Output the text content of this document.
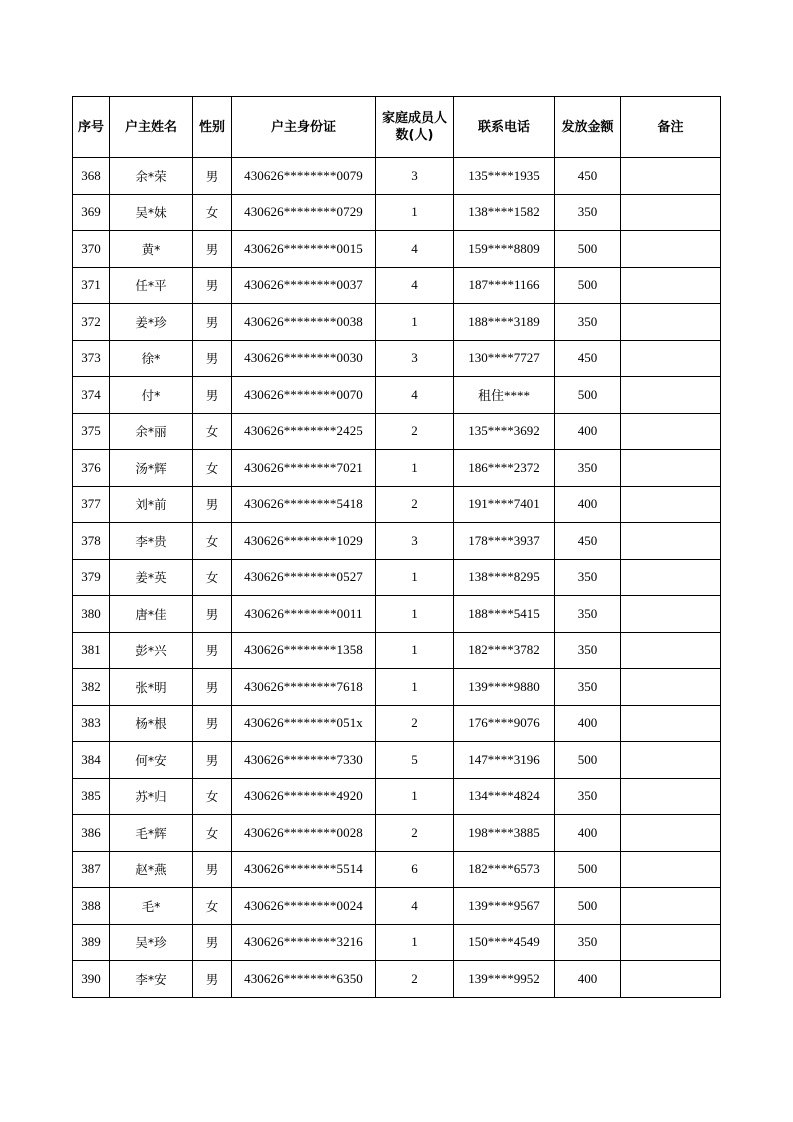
序号	户主姓名	性别	户主身份证	家庭成员人数(人)	联系电话	发放金额	备注
368	余*荣	男	430626********0079	3	135****1935	450	
369	吴*妹	女	430626********0729	1	138****1582	350	
370	黄*	男	430626********0015	4	159****8809	500	
371	任*平	男	430626********0037	4	187****1166	500	
372	姜*珍	男	430626********0038	1	188****3189	350	
373	徐*	男	430626********0030	3	130****7727	450	
374	付*	男	430626********0070	4	租住****	500	
375	余*丽	女	430626********2425	2	135****3692	400	
376	汤*辉	女	430626********7021	1	186****2372	350	
377	刘*前	男	430626********5418	2	191****7401	400	
378	李*贵	女	430626********1029	3	178****3937	450	
379	姜*英	女	430626********0527	1	138****8295	350	
380	唐*佳	男	430626********0011	1	188****5415	350	
381	彭*兴	男	430626********1358	1	182****3782	350	
382	张*明	男	430626********7618	1	139****9880	350	
383	杨*根	男	430626********051x	2	176****9076	400	
384	何*安	男	430626********7330	5	147****3196	500	
385	苏*归	女	430626********4920	1	134****4824	350	
386	毛*辉	女	430626********0028	2	198****3885	400	
387	赵*燕	男	430626********5514	6	182****6573	500	
388	毛*	女	430626********0024	4	139****9567	500	
389	吴*珍	男	430626********3216	1	150****4549	350	
390	李*安	男	430626********6350	2	139****9952	400	
